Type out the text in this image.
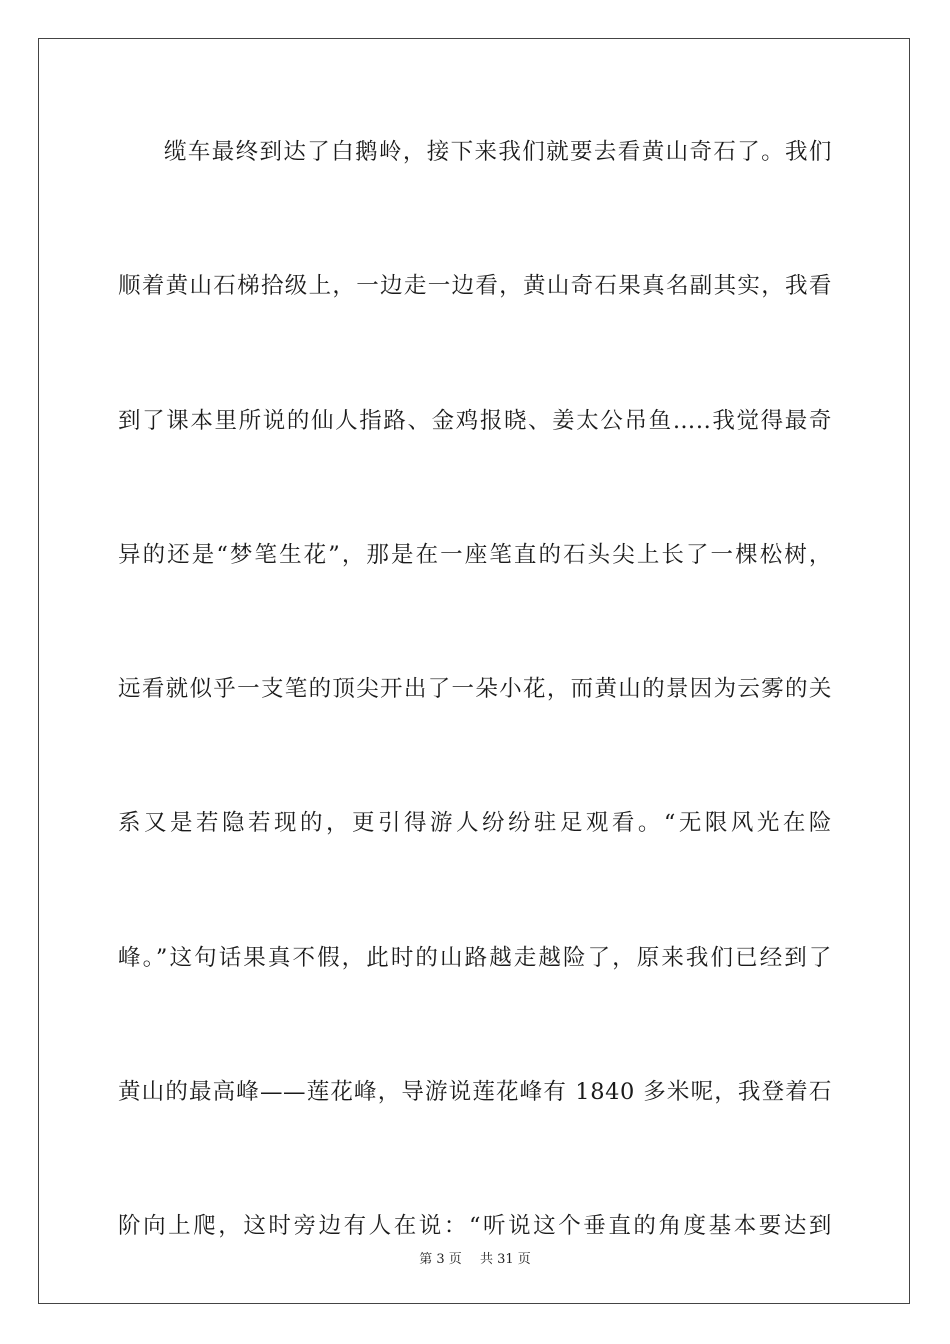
缆车最终到达了白鹅岭，接下来我们就要去看黄山奇石了。我们
顺着黄山石梯拾级上，一边走一边看，黄山奇石果真名副其实，我看
到了课本里所说的仙人指路、金鸡报晓、姜太公吊鱼…..我觉得最奇
异的还是“梦笔生花”，那是在一座笔直的石头尖上长了一棵松树，
远看就似乎一支笔的顶尖开出了一朵小花，而黄山的景因为云雾的关
系又是若隐若现的，更引得游人纷纷驻足观看。“无限风光在险
峰。”这句话果真不假，此时的山路越走越险了，原来我们已经到了
黄山的最高峰——莲花峰，导游说莲花峰有 1840 多米呢，我登着石
阶向上爬，这时旁边有人在说：“听说这个垂直的角度基本要达到
第 3 页 共 31 页
